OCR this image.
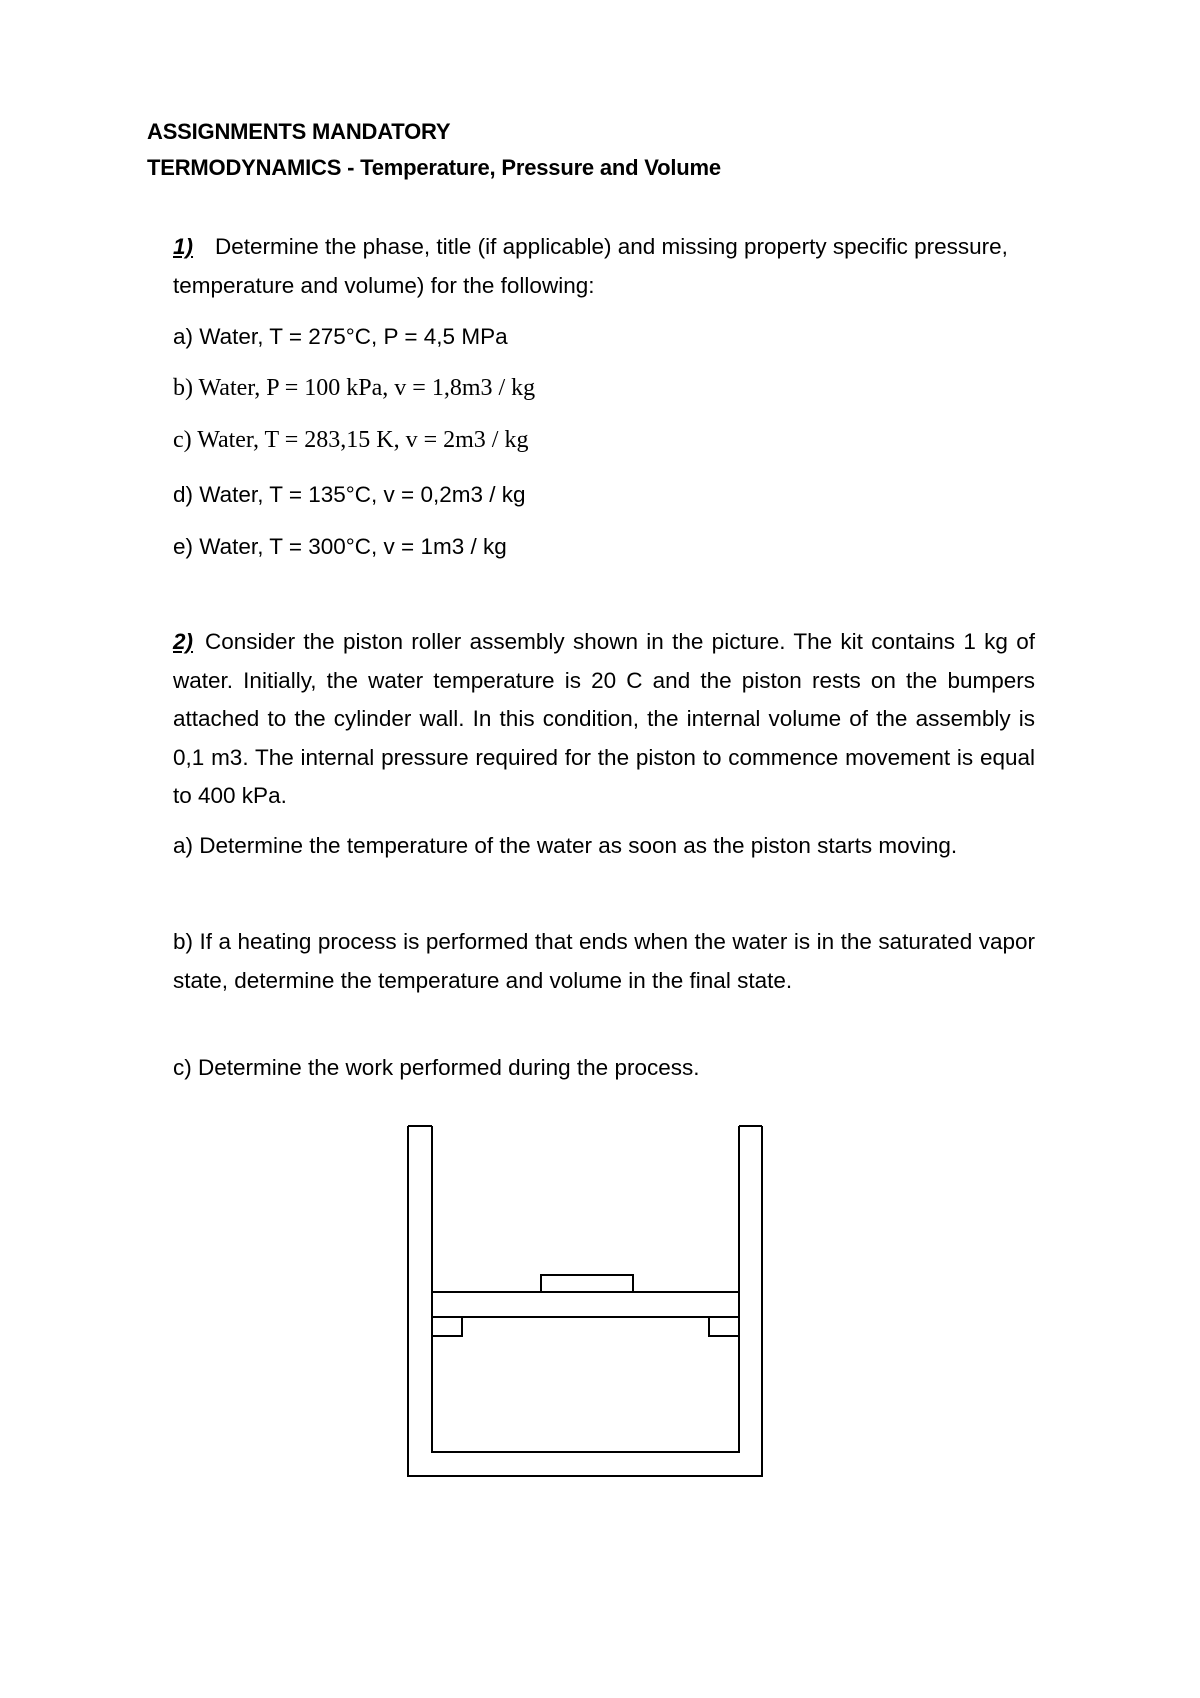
ASSIGNMENTS MANDATORY
TERMODYNAMICS - Temperature, Pressure and Volume
1) Determine the phase, title (if applicable) and missing property specific pressure, temperature and volume) for the following:
a) Water, T = 275°C, P = 4,5 MPa
b) Water, P = 100 kPa, v = 1,8m3 / kg
c) Water, T = 283,15 K, v = 2m3 / kg
d) Water, T = 135°C, v = 0,2m3 / kg
e) Water, T = 300°C, v = 1m3 / kg
2) Consider the piston roller assembly shown in the picture. The kit contains 1 kg of water. Initially, the water temperature is 20 C and the piston rests on the bumpers attached to the cylinder wall. In this condition, the internal volume of the assembly is 0,1 m3. The internal pressure required for the piston to commence movement is equal to 400 kPa.
a) Determine the temperature of the water as soon as the piston starts moving.
b) If a heating process is performed that ends when the water is in the saturated vapor state, determine the temperature and volume in the final state.
c) Determine the work performed during the process.
